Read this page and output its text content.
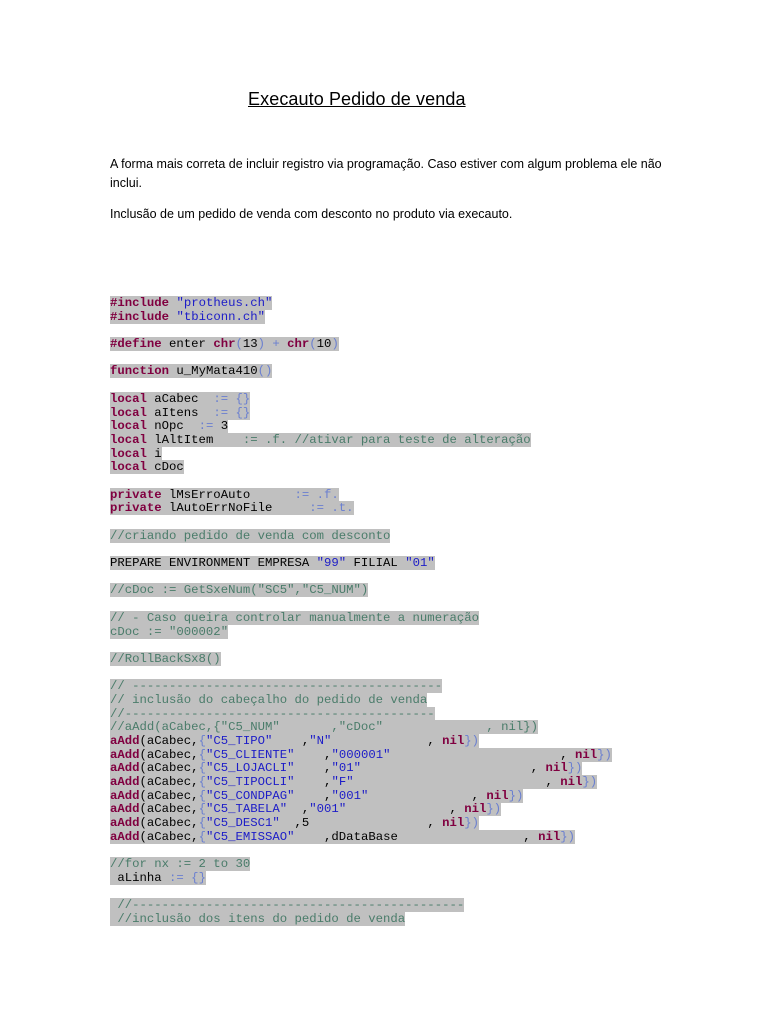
Execauto Pedido de venda
A forma mais correta de incluir registro via programação. Caso estiver com algum problema ele não inclui.
Inclusão de um pedido de venda com desconto no produto via execauto.
#include "protheus.ch"
#include "tbiconn.ch"
#define enter chr(13) + chr(10)
function u_MyMata410()
local aCabec  := {}
local aItens  := {}
local nOpc  := 3
local lAltItem    := .f. //ativar para teste de alteração
local i
local cDoc
private lMsErroAuto      := .f.
private lAutoErrNoFile     := .t.
//criando pedido de venda com desconto
PREPARE ENVIRONMENT EMPRESA "99" FILIAL "01"
//cDoc := GetSxeNum("SC5","C5_NUM")
// - Caso queira controlar manualmente a numeração
cDoc := "000002"
//RollBackSx8()
// ------------------------------------------
// inclusão do cabeçalho do pedido de venda
//------------------------------------------
//aAdd(aCabec,{"C5_NUM"       ,"cDoc"              , nil})
aAdd(aCabec,{"C5_TIPO"    ,"N"             , nil})
aAdd(aCabec,{"C5_CLIENTE"    ,"000001"                       , nil})
aAdd(aCabec,{"C5_LOJACLI"    ,"01"                       , nil})
aAdd(aCabec,{"C5_TIPOCLI"    ,"F"                          , nil})
aAdd(aCabec,{"C5_CONDPAG"    ,"001"              , nil})
aAdd(aCabec,{"C5_TABELA"  ,"001"              , nil})
aAdd(aCabec,{"C5_DESC1"  ,5                , nil})
aAdd(aCabec,{"C5_EMISSAO"    ,dDataBase                 , nil})
//for nx := 2 to 30
aLinha := {}
//---------------------------------------------
//inclusão dos itens do pedido de venda
